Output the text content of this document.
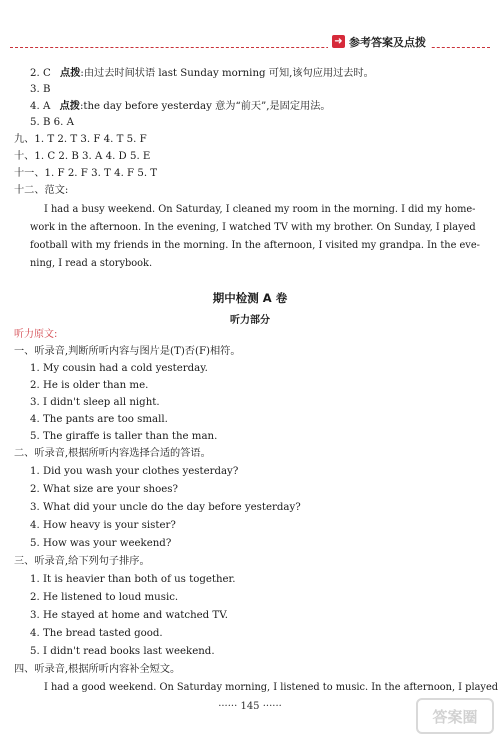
➜ 参考答案及点拨
2. C 点拨:由过去时间状语 last Sunday morning 可知,该句应用过去时。
3. B
4. A 点拨:the day before yesterday 意为“前天”,是固定用法。
5. B 6. A
九、1. T 2. T 3. F 4. T 5. F
十、1. C 2. B 3. A 4. D 5. E
十一、1. F 2. F 3. T 4. F 5. T
十二、范文:
I had a busy weekend. On Saturday, I cleaned my room in the morning. I did my home-
work in the afternoon. In the evening, I watched TV with my brother. On Sunday, I played
football with my friends in the morning. In the afternoon, I visited my grandpa. In the eve-
ning, I read a storybook.
期中检测 A 卷
听力部分
听力原文:
一、听录音,判断所听内容与图片是(T)否(F)相符。
1. My cousin had a cold yesterday.
2. He is older than me.
3. I didn't sleep all night.
4. The pants are too small.
5. The giraffe is taller than the man.
二、听录音,根据所听内容选择合适的答语。
1. Did you wash your clothes yesterday?
2. What size are your shoes?
3. What did your uncle do the day before yesterday?
4. How heavy is your sister?
5. How was your weekend?
三、听录音,给下列句子排序。
1. It is heavier than both of us together.
2. He listened to loud music.
3. He stayed at home and watched TV.
4. The bread tasted good.
5. I didn't read books last weekend.
四、听录音,根据所听内容补全短文。
I had a good weekend. On Saturday morning, I listened to music. In the afternoon, I played
······ 145 ······
答案圈
